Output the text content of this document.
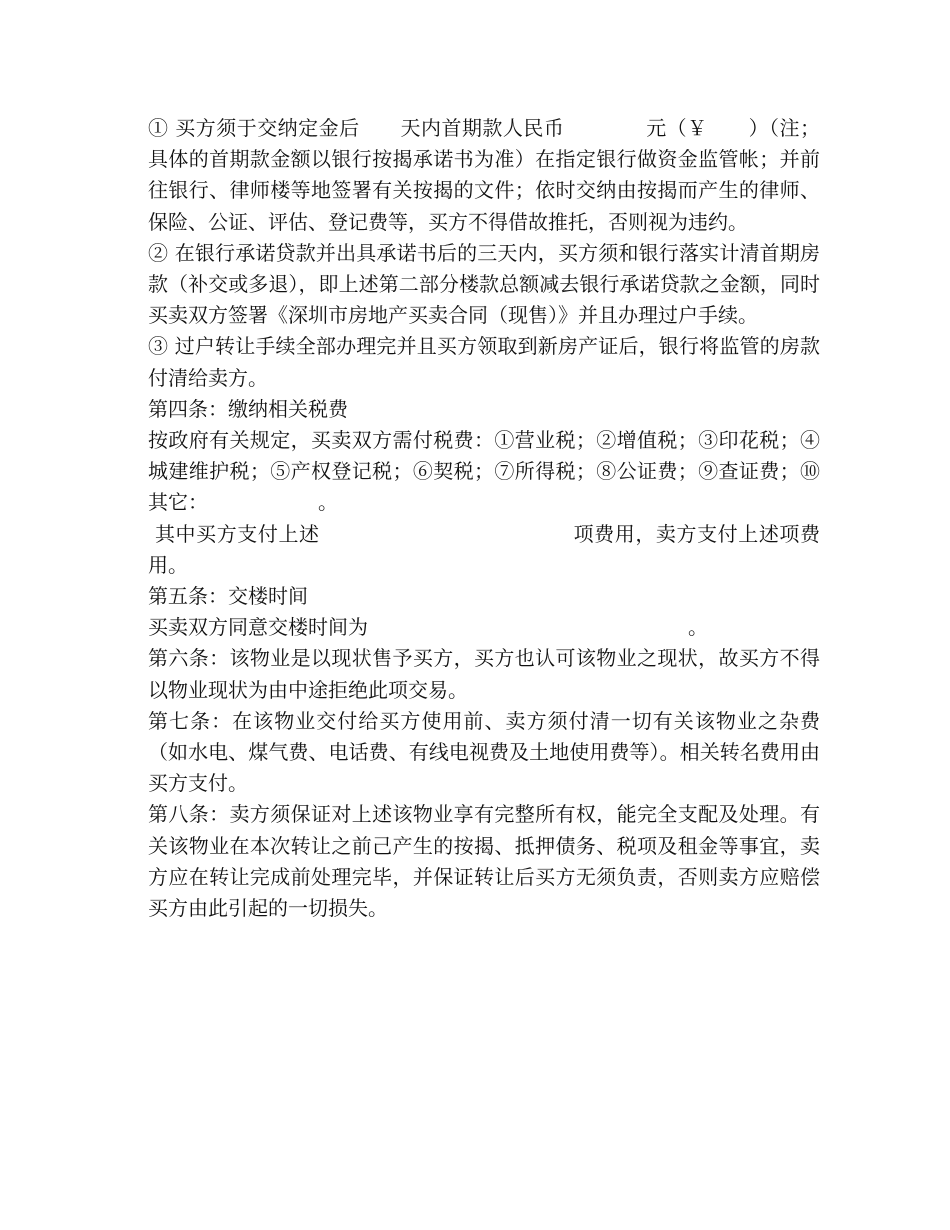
① 买方须于交纳定金后　　天内首期款人民币　　　　元（￥　　）（注；具体的首期款金额以银行按揭承诺书为准）在指定银行做资金监管帐；并前往银行、律师楼等地签署有关按揭的文件；依时交纳由按揭而产生的律师、保险、公证、评估、登记费等，买方不得借故推托，否则视为违约。

② 在银行承诺贷款并出具承诺书后的三天内，买方须和银行落实计清首期房款（补交或多退），即上述第二部分楼款总额减去银行承诺贷款之金额，同时买卖双方签署《深圳市房地产买卖合同（现售）》并且办理过户手续。

③ 过户转让手续全部办理完并且买方领取到新房产证后，银行将监管的房款付清给卖方。

第四条：缴纳相关税费

按政府有关规定，买卖双方需付税费：①营业税；②增值税；③印花税；④城建维护税；⑤产权登记税；⑥契税；⑦所得税；⑧公证费；⑨查证费；⑩其它：　　　　　　。

其中买方支付上述　　　　　　　　　　　　 项费用，卖方支付上述项费用。

第五条：交楼时间

买卖双方同意交楼时间为　　　　　　　　　　　　　　　　。

第六条：该物业是以现状售予买方，买方也认可该物业之现状，故买方不得以物业现状为由中途拒绝此项交易。

第七条：在该物业交付给买方使用前、卖方须付清一切有关该物业之杂费（如水电、煤气费、电话费、有线电视费及土地使用费等）。相关转名费用由买方支付。

第八条：卖方须保证对上述该物业享有完整所有权，能完全支配及处理。有关该物业在本次转让之前己产生的按揭、抵押债务、税项及租金等事宜，卖方应在转让完成前处理完毕，并保证转让后买方无须负责，否则卖方应赔偿买方由此引起的一切损失。
